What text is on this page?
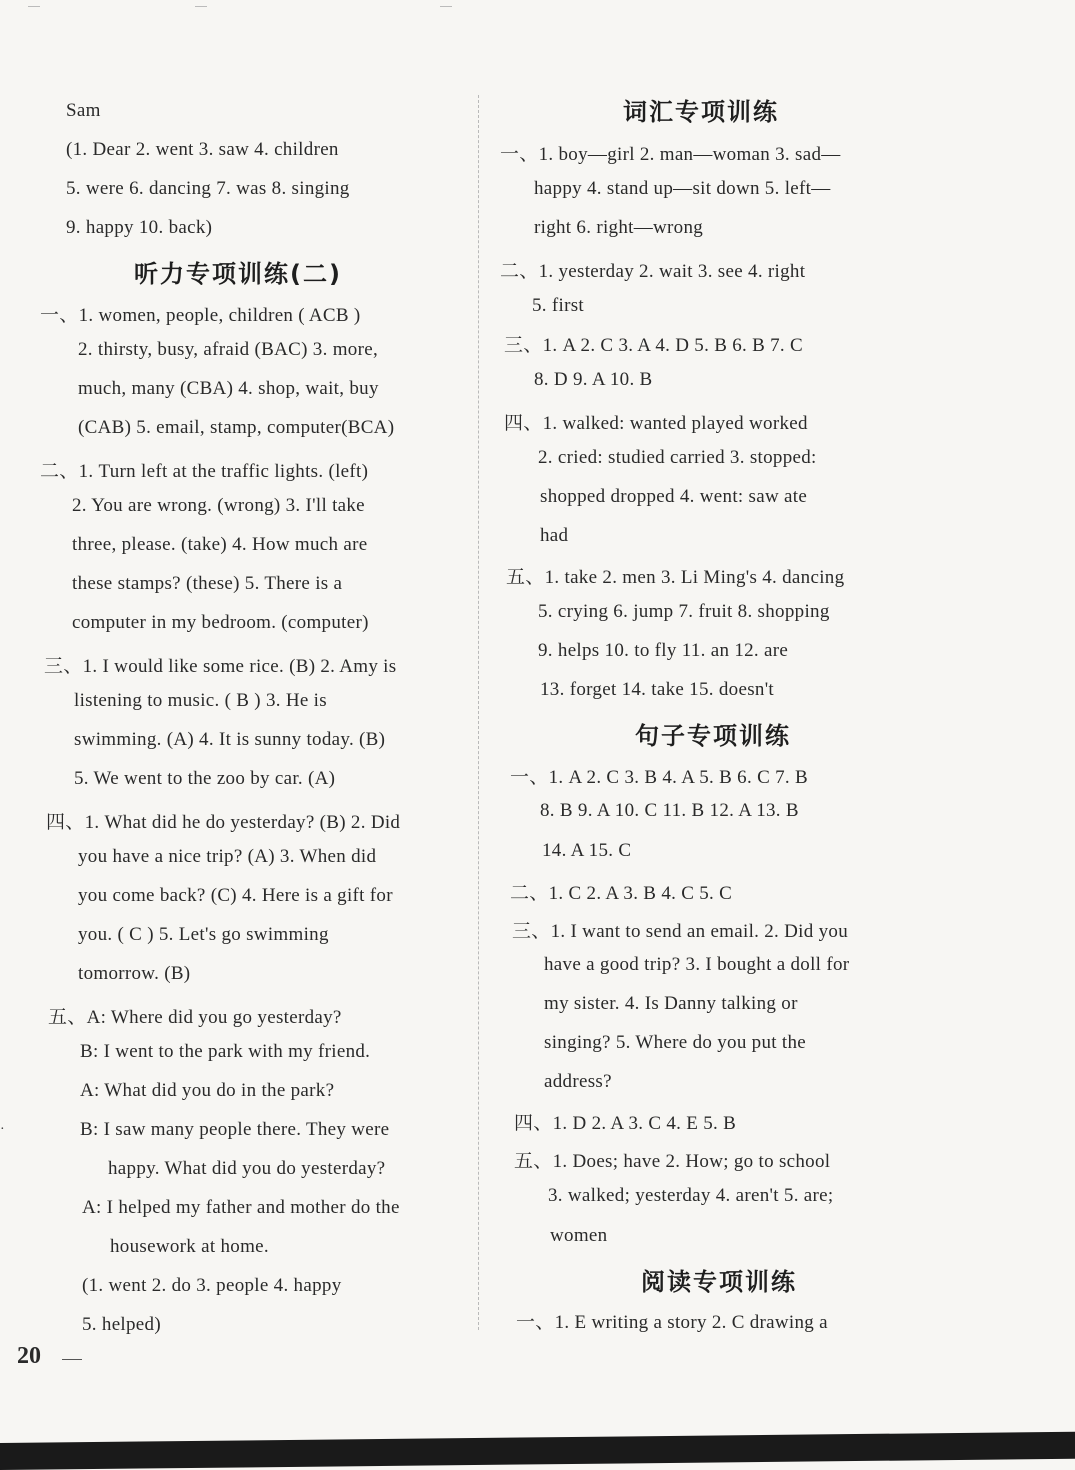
Sam
(1. Dear 2. went 3. saw 4. children
5. were 6. dancing 7. was 8. singing
9. happy 10. back)
听力专项训练(二)
一、1. women, people, children ( ACB )
2. thirsty, busy, afraid (BAC) 3. more,
much, many (CBA) 4. shop, wait, buy
(CAB) 5. email, stamp, computer(BCA)
二、1. Turn left at the traffic lights. (left)
2. You are wrong. (wrong) 3. I'll take
three, please. (take) 4. How much are
these stamps? (these) 5. There is a
computer in my bedroom. (computer)
三、1. I would like some rice. (B) 2. Amy is
listening to music. ( B ) 3. He is
swimming. (A) 4. It is sunny today. (B)
5. We went to the zoo by car. (A)
四、1. What did he do yesterday? (B) 2. Did
you have a nice trip? (A) 3. When did
you come back? (C) 4. Here is a gift for
you. ( C ) 5. Let's go swimming
tomorrow. (B)
五、A: Where did you go yesterday?
B: I went to the park with my friend.
A: What did you do in the park?
B: I saw many people there. They were
happy. What did you do yesterday?
A: I helped my father and mother do the
housework at home.
(1. went 2. do 3. people 4. happy
5. helped)
词汇专项训练
一、1. boy—girl 2. man—woman 3. sad—
happy 4. stand up—sit down 5. left—
right 6. right—wrong
二、1. yesterday 2. wait 3. see 4. right
5. first
三、1. A 2. C 3. A 4. D 5. B 6. B 7. C
8. D 9. A 10. B
四、1. walked: wanted played worked
2. cried: studied carried 3. stopped:
shopped dropped 4. went: saw ate
had
五、1. take 2. men 3. Li Ming's 4. dancing
5. crying 6. jump 7. fruit 8. shopping
9. helps 10. to fly 11. an 12. are
13. forget 14. take 15. doesn't
句子专项训练
一、1. A 2. C 3. B 4. A 5. B 6. C 7. B
8. B 9. A 10. C 11. B 12. A 13. B
14. A 15. C
二、1. C 2. A 3. B 4. C 5. C
三、1. I want to send an email. 2. Did you
have a good trip? 3. I bought a doll for
my sister. 4. Is Danny talking or
singing? 5. Where do you put the
address?
四、1. D 2. A 3. C 4. E 5. B
五、1. Does; have 2. How; go to school
3. walked; yesterday 4. aren't 5. are;
women
阅读专项训练
一、1. E writing a story 2. C drawing a
·
20
